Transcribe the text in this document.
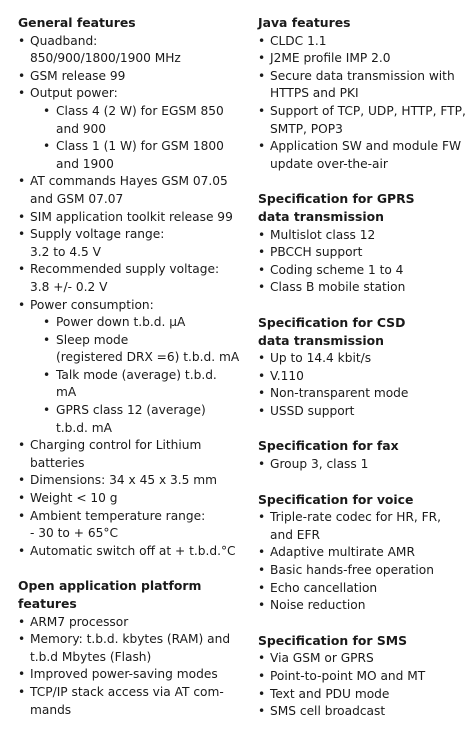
General features
• Quadband:
850/900/1800/1900 MHz
• GSM release 99
• Output power:
• Class 4 (2 W) for EGSM 850 and 900
• Class 1 (1 W) for GSM 1800 and 1900
• AT commands Hayes GSM 07.05 and GSM 07.07
• SIM application toolkit release 99
• Supply voltage range:
3.2 to 4.5 V
• Recommended supply voltage:
3.8 +/- 0.2 V
• Power consumption:
• Power down t.b.d. µA
• Sleep mode
(registered DRX =6) t.b.d. mA
• Talk mode (average) t.b.d. mA
• GPRS class 12 (average)
t.b.d. mA
• Charging control for Lithium batteries
• Dimensions: 34 x 45 x 3.5 mm
• Weight < 10 g
• Ambient temperature range:
- 30 to + 65°C
• Automatic switch off at + t.b.d.°C
Open application platform features
• ARM7 processor
• Memory: t.b.d. kbytes (RAM) and t.b.d Mbytes (Flash)
• Improved power-saving modes
• TCP/IP stack access via AT com-
mands
Java features
• CLDC 1.1
• J2ME profile IMP 2.0
• Secure data transmission with HTTPS and PKI
• Support of TCP, UDP, HTTP, FTP, SMTP, POP3
• Application SW and module FW update over-the-air
Specification for GPRS
data transmission
• Multislot class 12
• PBCCH support
• Coding scheme 1 to 4
• Class B mobile station
Specification for CSD
data transmission
• Up to 14.4 kbit/s
• V.110
• Non-transparent mode
• USSD support
Specification for fax
• Group 3, class 1
Specification for voice
• Triple-rate codec for HR, FR,
and EFR
• Adaptive multirate AMR
• Basic hands-free operation
• Echo cancellation
• Noise reduction
Specification for SMS
• Via GSM or GPRS
• Point-to-point MO and MT
• Text and PDU mode
• SMS cell broadcast
